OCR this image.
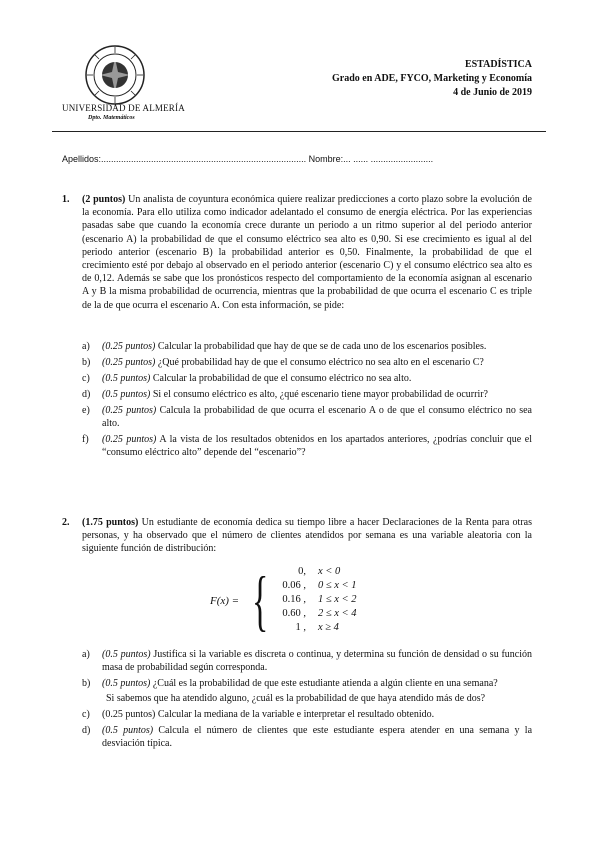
UNIVERSIDAD DE ALMERÍA
Dpto. Matemáticos
ESTADÍSTICA
Grado en ADE, FYCO, Marketing y Economía
4 de Junio de 2019
Apellidos:.................................................................................. Nombre:... ...... .........................
1. (2 puntos) Un analista de coyuntura económica quiere realizar predicciones a corto plazo sobre la evolución de la economía. Para ello utiliza como indicador adelantado el consumo de energía eléctrica. Por las experiencias pasadas sabe que cuando la economía crece durante un periodo a un ritmo superior al del periodo anterior (escenario A) la probabilidad de que el consumo eléctrico sea alto es 0,90. Si ese crecimiento es igual al del periodo anterior (escenario B) la probabilidad anterior es 0,50. Finalmente, la probabilidad de que el crecimiento esté por debajo al observado en el periodo anterior (escenario C) y el consumo eléctrico sea alto es de 0,12. Además se sabe que los pronósticos respecto del comportamiento de la economía asignan al escenario A y B la misma probabilidad de ocurrencia, mientras que la probabilidad de que ocurra el escenario C es triple de la de que ocurra el escenario A. Con esta información, se pide:
a)	(0.25 puntos) Calcular la probabilidad que hay de que se de cada uno de los escenarios posibles.
b)	(0.25 puntos) ¿Qué probabilidad hay de que el consumo eléctrico no sea alto en el escenario C?
c)	(0.5 puntos) Calcular la probabilidad de que el consumo eléctrico no sea alto.
d)	(0.5 puntos) Si el consumo eléctrico es alto, ¿qué escenario tiene mayor probabilidad de ocurrir?
e)	(0.25 puntos) Calcula la probabilidad de que ocurra el escenario A o de que el consumo eléctrico no sea alto.
f)	(0.25 puntos) A la vista de los resultados obtenidos en los apartados anteriores, ¿podrías concluir que el “consumo eléctrico alto” depende del “escenario”?
2. (1.75 puntos) Un estudiante de economía dedica su tiempo libre a hacer Declaraciones de la Renta para otras personas, y ha observado que el número de clientes atendidos por semana es una variable aleatoria con la siguiente función de distribución:
F(x) = {	0, x < 0
0.06 , 0 ≤ x < 1
0.16 , 1 ≤ x < 2
0.60 , 2 ≤ x < 4
1 , x ≥ 4
a)	(0.5 puntos) Justifica si la variable es discreta o continua, y determina su función de densidad o su función masa de probabilidad según corresponda.
b)	(0.5 puntos) ¿Cuál es la probabilidad de que este estudiante atienda a algún cliente en una semana?
Si sabemos que ha atendido alguno, ¿cuál es la probabilidad de que haya atendido más de dos?
c)	(0.25 puntos) Calcular la mediana de la variable e interpretar el resultado obtenido.
d)	(0.5 puntos) Calcula el número de clientes que este estudiante espera atender en una semana y la desviación típica.
